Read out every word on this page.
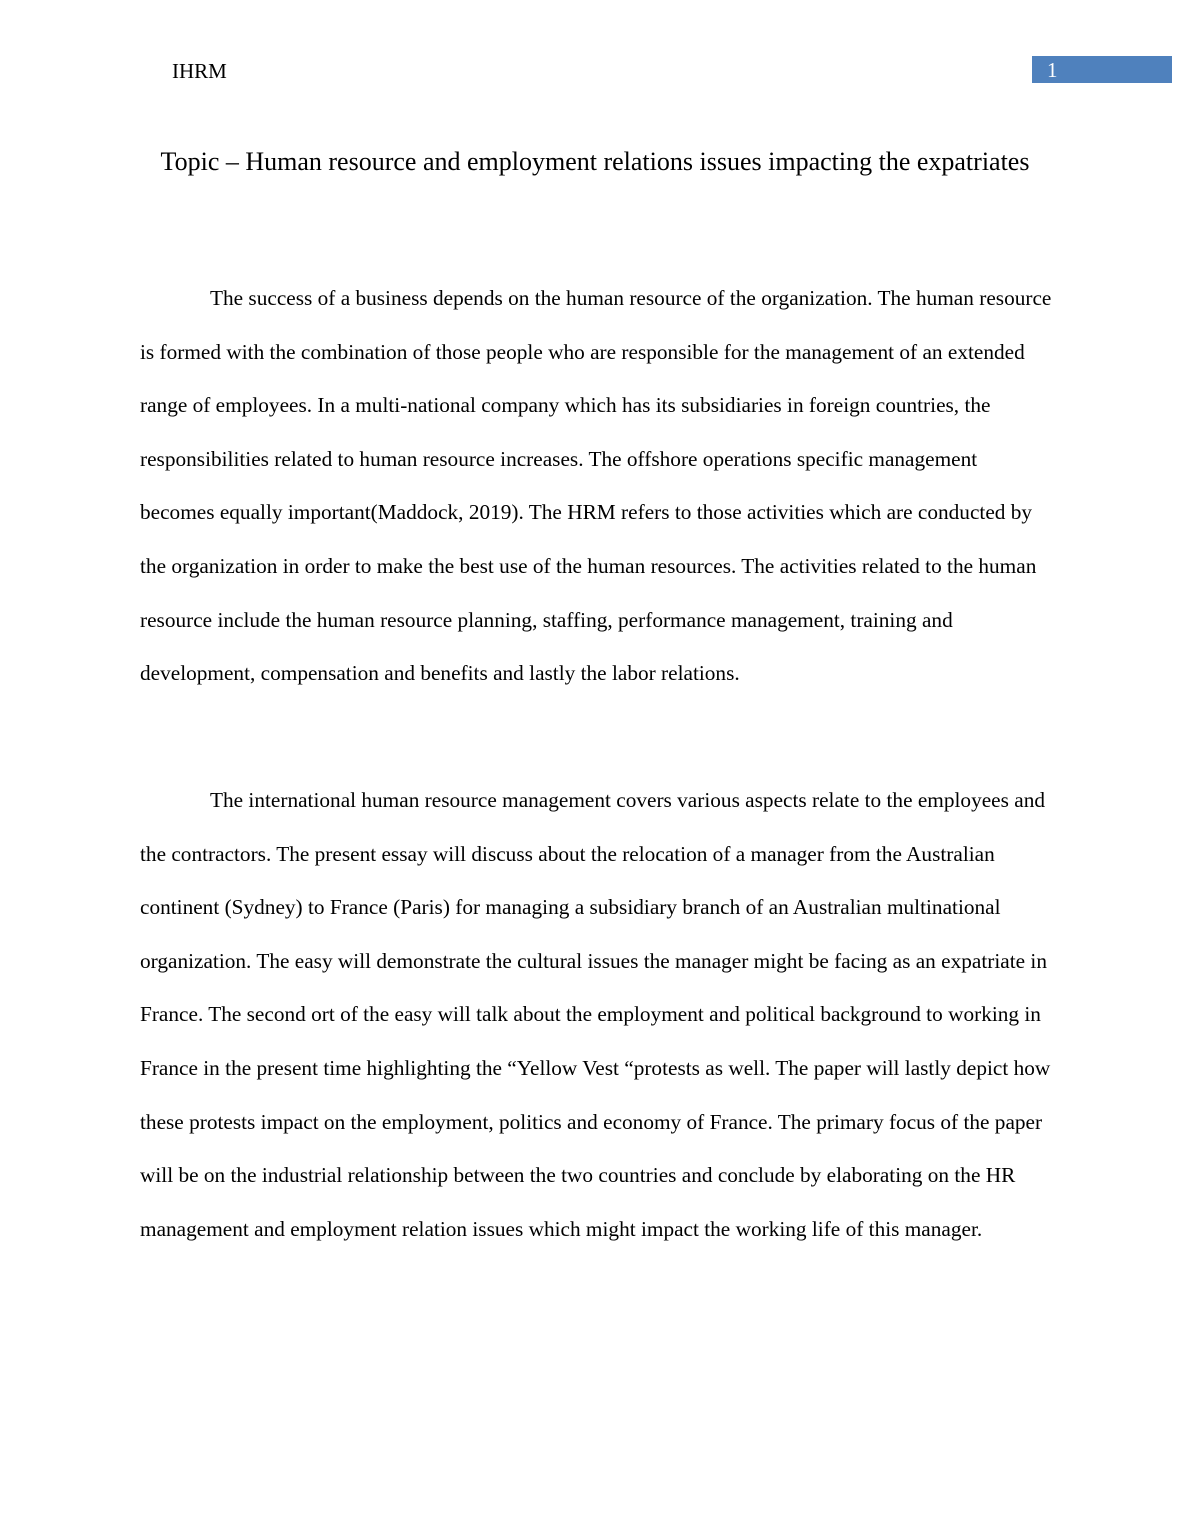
IHRM	1
Topic – Human resource and employment relations issues impacting the expatriates

The success of a business depends on the human resource of the organization. The human resource is formed with the combination of those people who are responsible for the management of an extended range of employees. In a multi-national company which has its subsidiaries in foreign countries, the responsibilities related to human resource increases. The offshore operations specific management becomes equally important(Maddock, 2019). The HRM refers to those activities which are conducted by the organization in order to make the best use of the human resources. The activities related to the human resource include the human resource planning, staffing, performance management, training and development, compensation and benefits and lastly the labor relations.

The international human resource management covers various aspects relate to the employees and the contractors. The present essay will discuss about the relocation of a manager from the Australian continent (Sydney) to France (Paris) for managing a subsidiary branch of an Australian multinational organization. The easy will demonstrate the cultural issues the manager might be facing as an expatriate in France. The second ort of the easy will talk about the employment and political background to working in France in the present time highlighting the “Yellow Vest “protests as well. The paper will lastly depict how these protests impact on the employment, politics and economy of France. The primary focus of the paper will be on the industrial relationship between the two countries and conclude by elaborating on the HR management and employment relation issues which might impact the working life of this manager.
